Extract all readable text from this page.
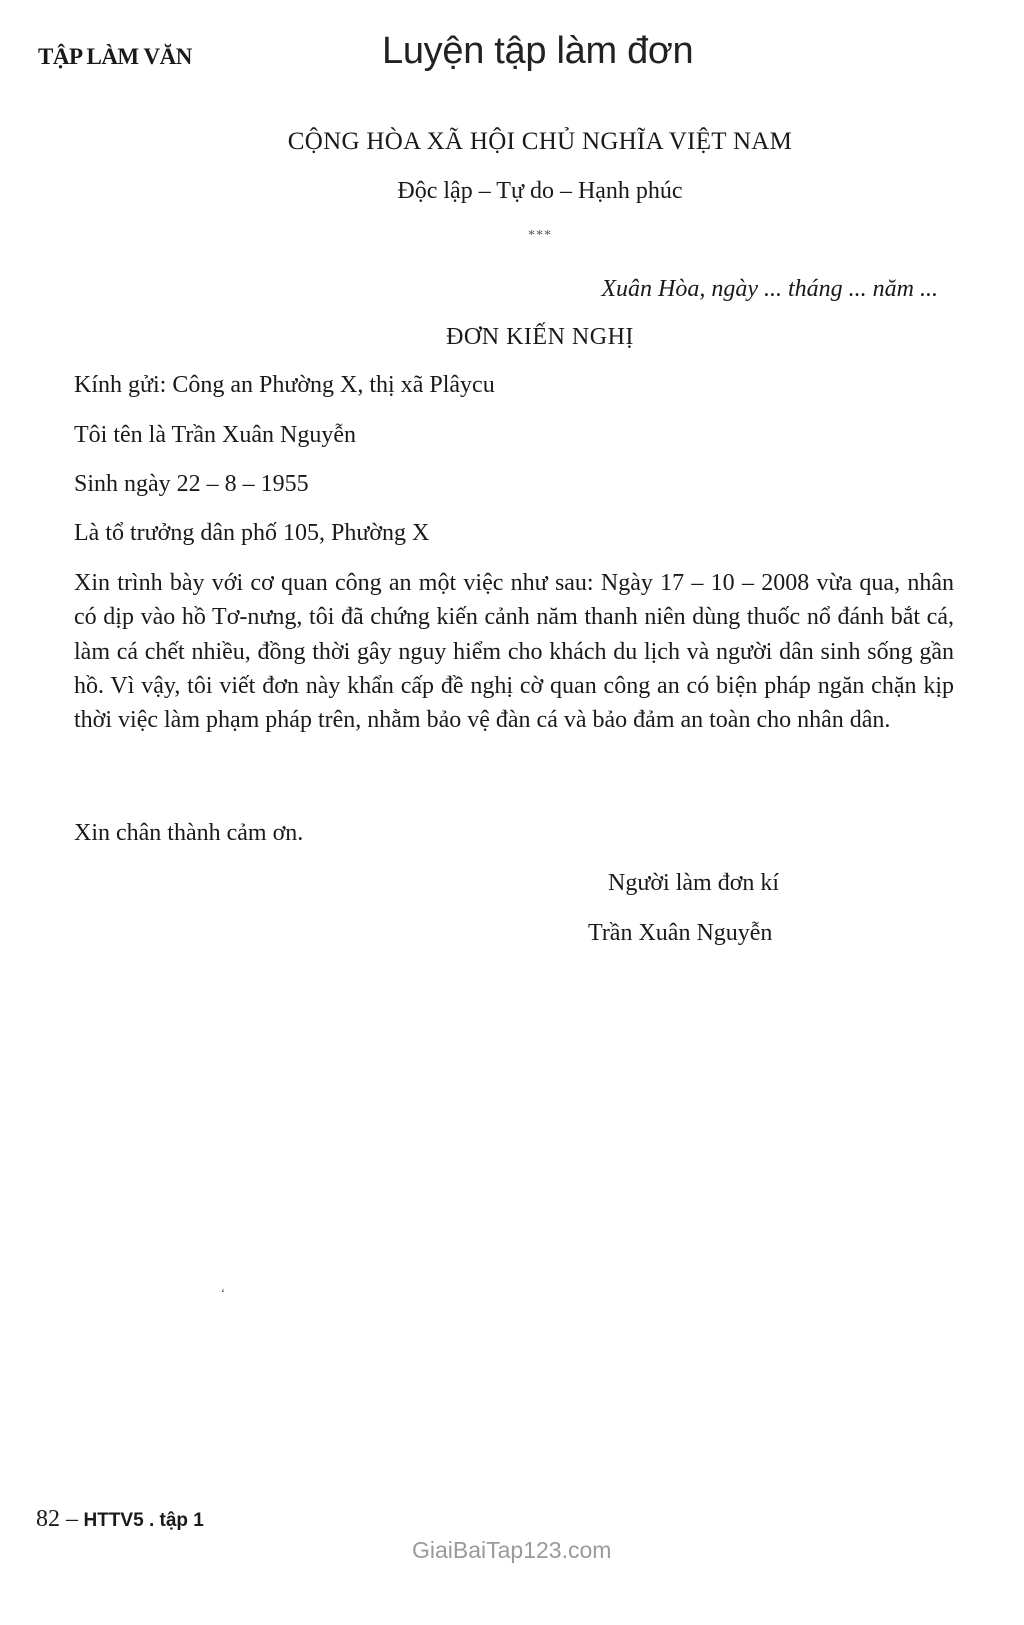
TẬP LÀM VĂN	Luyện tập làm đơn
CỘNG HÒA XÃ HỘI CHỦ NGHĨA VIỆT NAM
Độc lập – Tự do – Hạnh phúc
***
Xuân Hòa, ngày ... tháng ... năm ...
ĐƠN KIẾN NGHỊ
Kính gửi: Công an Phường X, thị xã Plâycu
Tôi tên là Trần Xuân Nguyễn
Sinh ngày 22 – 8 – 1955
Là tổ trưởng dân phố 105, Phường X
Xin trình bày với cơ quan công an một việc như sau: Ngày 17 – 10 – 2008 vừa qua, nhân có dịp vào hồ Tơ-nưng, tôi đã chứng kiến cảnh năm thanh niên dùng thuốc nổ đánh bắt cá, làm cá chết nhiều, đồng thời gây nguy hiểm cho khách du lịch và người dân sinh sống gần hồ. Vì vậy, tôi viết đơn này khẩn cấp đề nghị cờ quan công an có biện pháp ngăn chặn kịp thời việc làm phạm pháp trên, nhằm bảo vệ đàn cá và bảo đảm an toàn cho nhân dân.
Xin chân thành cảm ơn.
Người làm đơn kí
Trần Xuân Nguyễn
‘
82 – HTTV5 . tập 1
GiaiBaiTap123.com
